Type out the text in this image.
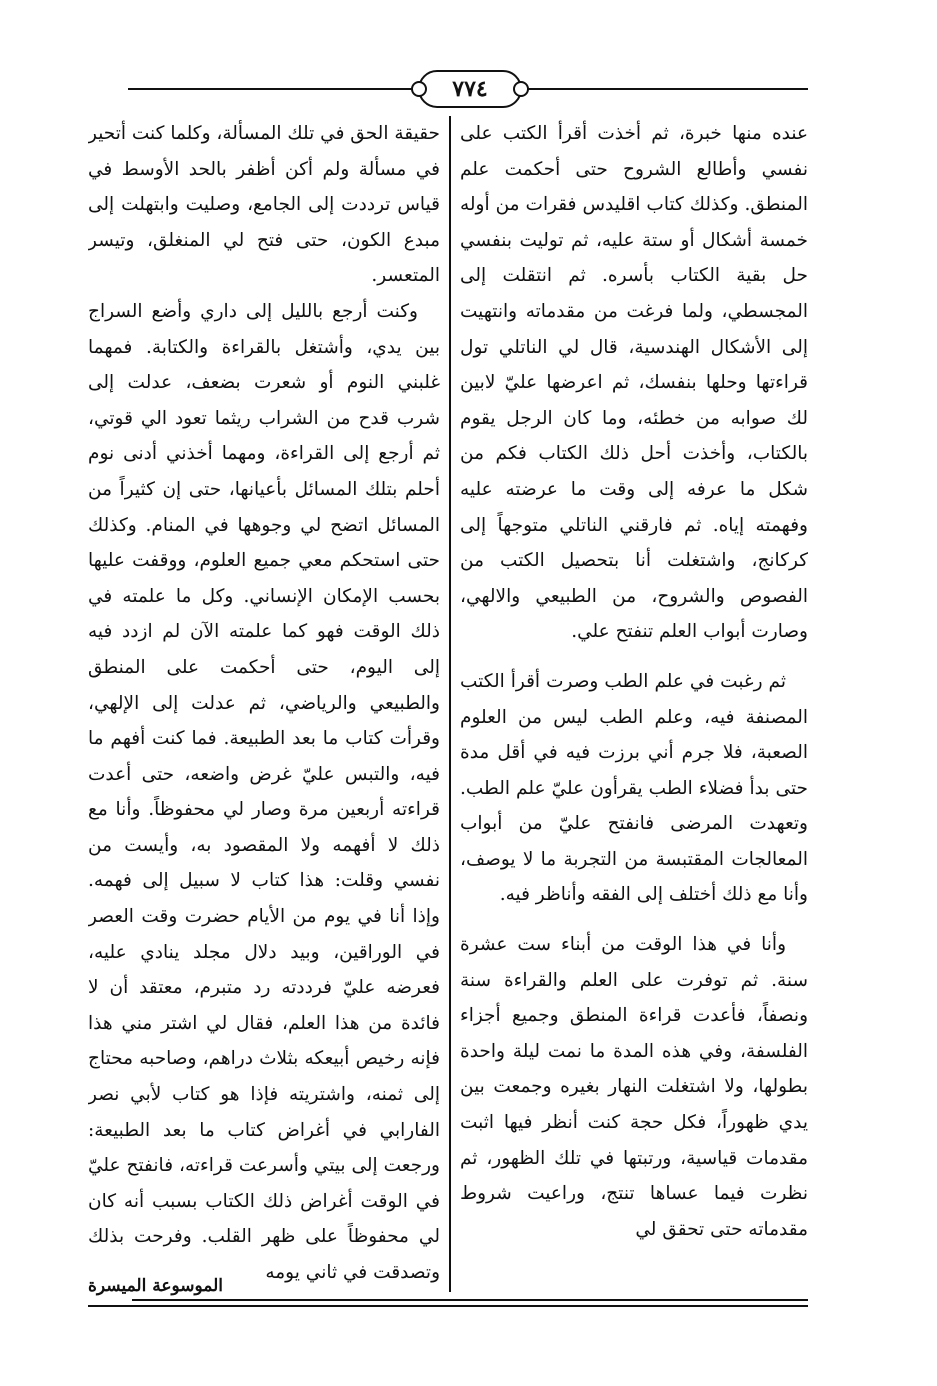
٧٧٤

عنده منها خبرة، ثم أخذت أقرأ الكتب على نفسي وأطالع الشروح حتى أحكمت علم المنطق. وكذلك كتاب اقليدس فقرات من أوله خمسة أشكال أو ستة عليه، ثم توليت بنفسي حل بقية الكتاب بأسره. ثم انتقلت إلى المجسطي، ولما فرغت من مقدماته وانتهيت إلى الأشكال الهندسية، قال لي الناتلي تول قراءتها وحلها بنفسك، ثم اعرضها عليّ لابين لك صوابه من خطئه، وما كان الرجل يقوم بالكتاب، وأخذت أحل ذلك الكتاب فكم من شكل ما عرفه إلى وقت ما عرضته عليه وفهمته إياه. ثم فارقني الناتلي متوجهاً إلى كركانج، واشتغلت أنا بتحصيل الكتب من الفصوص والشروح، من الطبيعي والالهي، وصارت أبواب العلم تنفتح علي.

ثم رغبت في علم الطب وصرت أقرأ الكتب المصنفة فيه، وعلم الطب ليس من العلوم الصعبة، فلا جرم أني برزت فيه في أقل مدة حتى بدأ فضلاء الطب يقرأون عليّ علم الطب. وتعهدت المرضى فانفتح عليّ من أبواب المعالجات المقتبسة من التجربة ما لا يوصف، وأنا مع ذلك أختلف إلى الفقه وأناظر فيه.

وأنا في هذا الوقت من أبناء ست عشرة سنة. ثم توفرت على العلم والقراءة سنة ونصفاً، فأعدت قراءة المنطق وجميع أجزاء الفلسفة، وفي هذه المدة ما نمت ليلة واحدة بطولها، ولا اشتغلت النهار بغيره وجمعت بين يدي ظهوراً، فكل حجة كنت أنظر فيها اثبت مقدمات قياسية، ورتبتها في تلك الظهور، ثم نظرت فيما عساها تنتج، وراعيت شروط مقدماته حتى تحقق لي

حقيقة الحق في تلك المسألة، وكلما كنت أتحير في مسألة ولم أكن أظفر بالحد الأوسط في قياس ترددت إلى الجامع، وصليت وابتهلت إلى مبدع الكون، حتى فتح لي المنغلق، وتيسر المتعسر.

وكنت أرجع بالليل إلى داري وأضع السراج بين يدي، وأشتغل بالقراءة والكتابة. فمهما غلبني النوم أو شعرت بضعف، عدلت إلى شرب قدح من الشراب ريثما تعود الي قوتي، ثم أرجع إلى القراءة، ومهما أخذني أدنى نوم أحلم بتلك المسائل بأعيانها، حتى إن كثيراً من المسائل اتضح لي وجوهها في المنام. وكذلك حتى استحكم معي جميع العلوم، ووقفت عليها بحسب الإمكان الإنساني. وكل ما علمته في ذلك الوقت فهو كما علمته الآن لم ازدد فيه إلى اليوم، حتى أحكمت على المنطق والطبيعي والرياضي، ثم عدلت إلى الإلهي، وقرأت كتاب ما بعد الطبيعة. فما كنت أفهم ما فيه، والتبس عليّ غرض واضعه، حتى أعدت قراءته أربعين مرة وصار لي محفوظاً. وأنا مع ذلك لا أفهمه ولا المقصود به، وأيست من نفسي وقلت: هذا كتاب لا سبيل إلى فهمه. وإذا أنا في يوم من الأيام حضرت وقت العصر في الوراقين، وبيد دلال مجلد ينادي عليه، فعرضه عليّ فرددته رد متبرم، معتقد أن لا فائدة من هذا العلم، فقال لي اشتر مني هذا فإنه رخيص أبيعكه بثلاث دراهم، وصاحبه محتاج إلى ثمنه، واشتريته فإذا هو كتاب لأبي نصر الفارابي في أغراض كتاب ما بعد الطبيعة: ورجعت إلى بيتي وأسرعت قراءته، فانفتح عليّ في الوقت أغراض ذلك الكتاب بسبب أنه كان لي محفوظاً على ظهر القلب. وفرحت بذلك وتصدقت في ثاني يومه

الموسوعة الميسرة
